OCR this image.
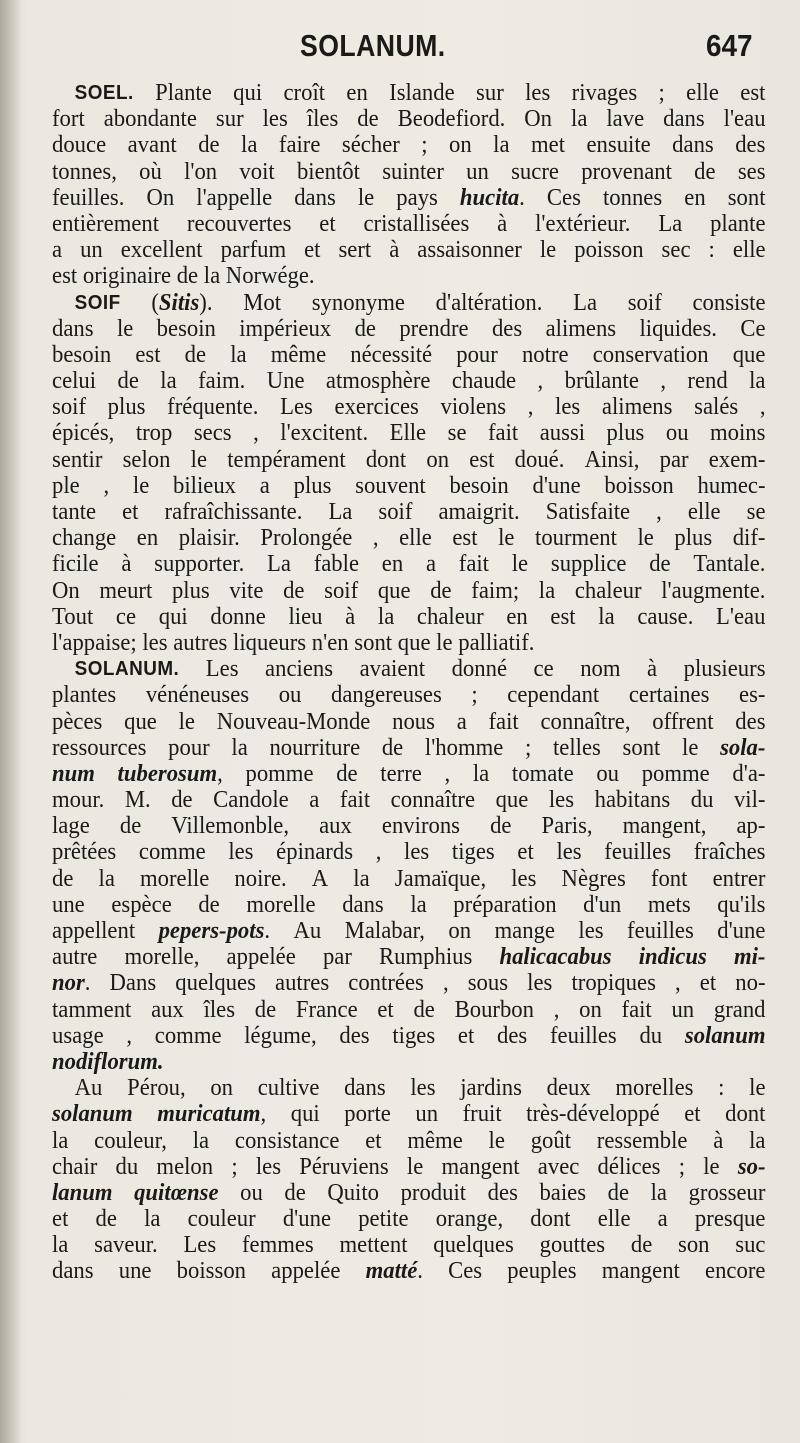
SOLANUM.	647
SOEL. Plante qui croît en Islande sur les rivages ; elle est
fort abondante sur les îles de Beodefiord. On la lave dans l'eau
douce avant de la faire sécher ; on la met ensuite dans des
tonnes, où l'on voit bientôt suinter un sucre provenant de ses
feuilles. On l'appelle dans le pays hucita . Ces tonnes en sont
entièrement recouvertes et cristallisées à l'extérieur. La plante
a un excellent parfum et sert à assaisonner le poisson sec : elle
est originaire de la Norwége.
SOIF ( Sitis ). Mot synonyme d'altération. La soif consiste
dans le besoin impérieux de prendre des alimens liquides. Ce
besoin est de la même nécessité pour notre conservation que
celui de la faim. Une atmosphère chaude , brûlante , rend la
soif plus fréquente. Les exercices violens , les alimens salés ,
épicés, trop secs , l'excitent. Elle se fait aussi plus ou moins
sentir selon le tempérament dont on est doué. Ainsi, par exem-
ple , le bilieux a plus souvent besoin d'une boisson humec-
tante et rafraîchissante. La soif amaigrit. Satisfaite , elle se
change en plaisir. Prolongée , elle est le tourment le plus dif-
ficile à supporter. La fable en a fait le supplice de Tantale.
On meurt plus vite de soif que de faim; la chaleur l'augmente.
Tout ce qui donne lieu à la chaleur en est la cause. L'eau
l'appaise; les autres liqueurs n'en sont que le palliatif.
SOLANUM. Les anciens avaient donné ce nom à plusieurs
plantes vénéneuses ou dangereuses ; cependant certaines es-
pèces que le Nouveau-Monde nous a fait connaître, offrent des
ressources pour la nourriture de l'homme ; telles sont le sola-
num tuberosum , pomme de terre , la tomate ou pomme d'a-
mour. M. de Candole a fait connaître que les habitans du vil-
lage de Villemonble, aux environs de Paris, mangent, ap-
prêtées comme les épinards , les tiges et les feuilles fraîches
de la morelle noire. A la Jamaïque, les Nègres font entrer
une espèce de morelle dans la préparation d'un mets qu'ils
appellent pepers-pots . Au Malabar, on mange les feuilles d'une
autre morelle, appelée par Rumphius halicacabus indicus mi-
nor . Dans quelques autres contrées , sous les tropiques , et no-
tamment aux îles de France et de Bourbon , on fait un grand
usage , comme légume, des tiges et des feuilles du solanum
nodiflorum.
Au Pérou, on cultive dans les jardins deux morelles : le
solanum muricatum , qui porte un fruit très-développé et dont
la couleur, la consistance et même le goût ressemble à la
chair du melon ; les Péruviens le mangent avec délices ; le so-
lanum quitœnse ou de Quito produit des baies de la grosseur
et de la couleur d'une petite orange, dont elle a presque
la saveur. Les femmes mettent quelques gouttes de son suc
dans une boisson appelée matté . Ces peuples mangent encore
